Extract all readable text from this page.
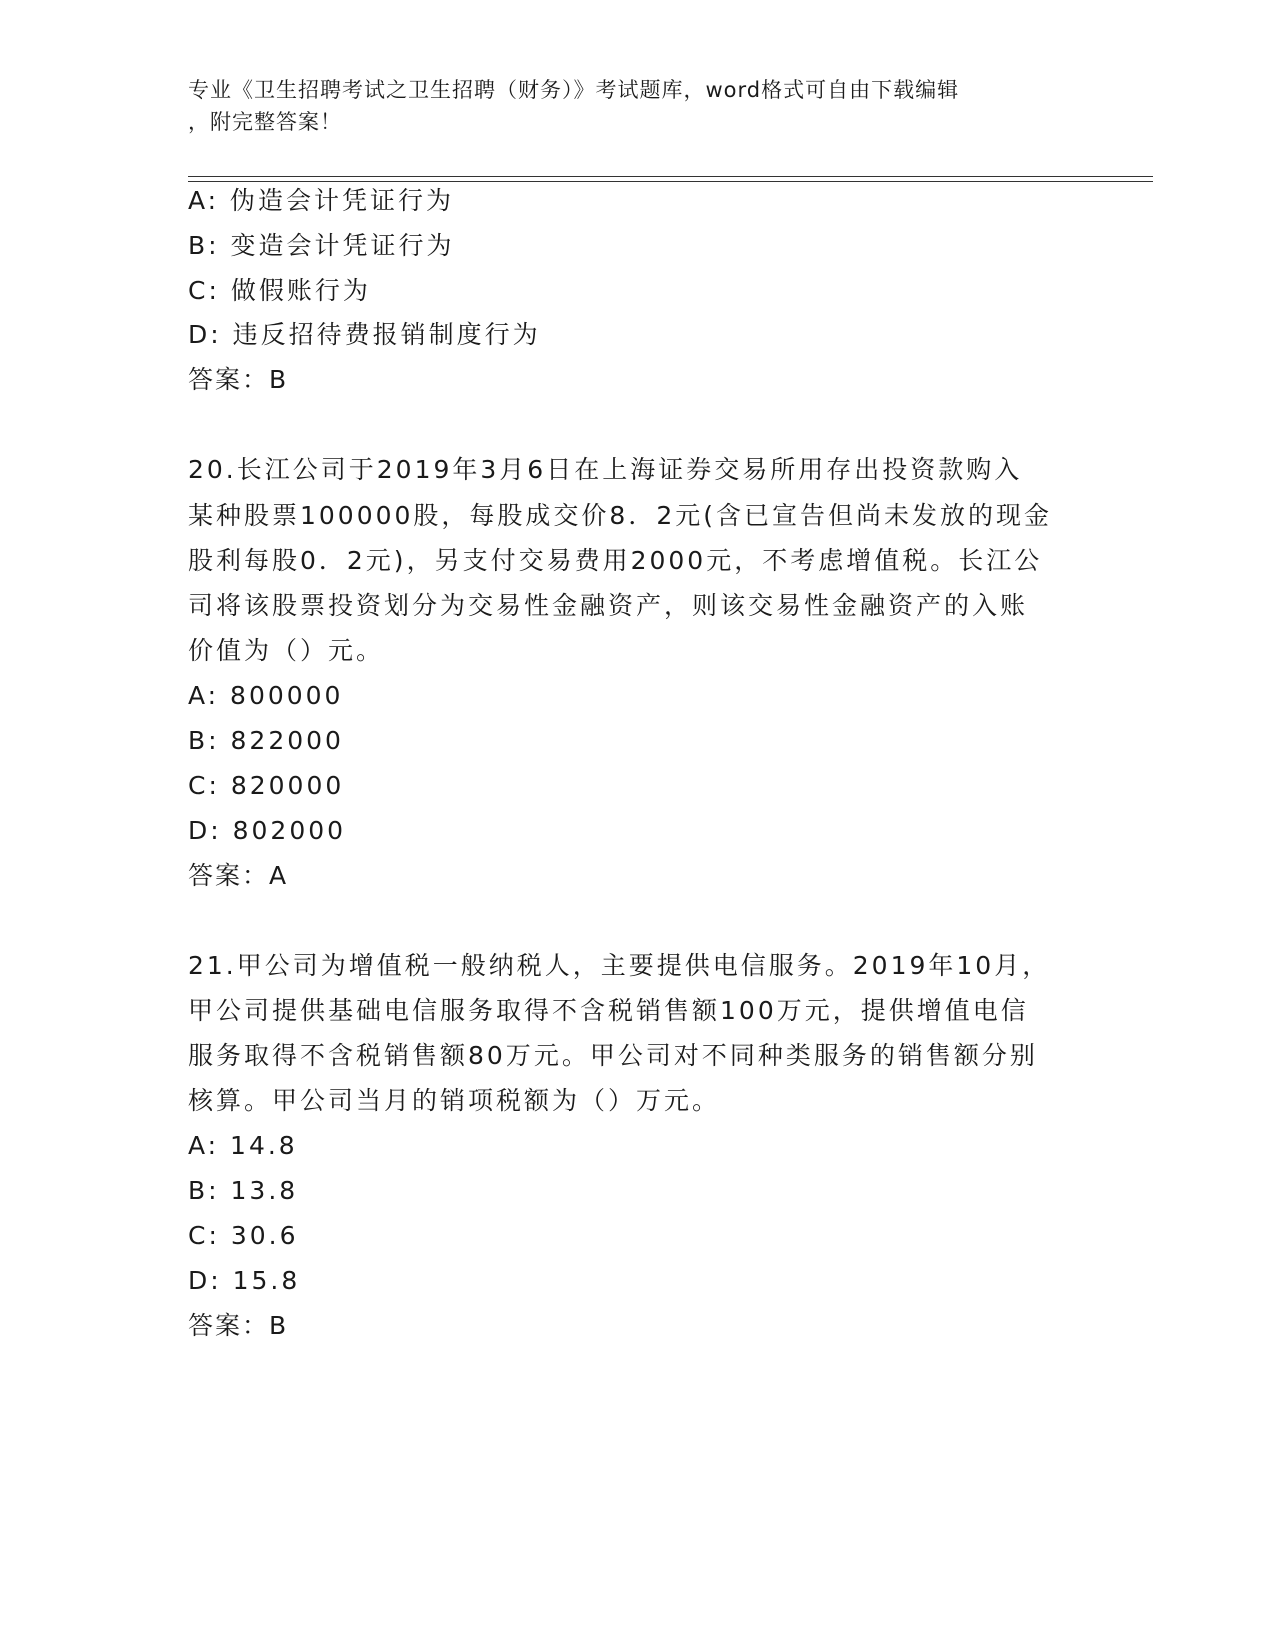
专业《卫生招聘考试之卫生招聘（财务）》考试题库，word格式可自由下载编辑
，附完整答案！
A: 伪造会计凭证行为
B: 变造会计凭证行为
C: 做假账行为
D: 违反招待费报销制度行为
答案：B
20.长江公司于2019年3月6日在上海证券交易所用存出投资款购入
某种股票100000股，每股成交价8．2元(含已宣告但尚未发放的现金
股利每股0．2元)，另支付交易费用2000元，不考虑增值税。长江公
司将该股票投资划分为交易性金融资产，则该交易性金融资产的入账
价值为（）元。
A: 800000
B: 822000
C: 820000
D: 802000
答案：A
21.甲公司为增值税一般纳税人，主要提供电信服务。2019年10月，
甲公司提供基础电信服务取得不含税销售额100万元，提供增值电信
服务取得不含税销售额80万元。甲公司对不同种类服务的销售额分别
核算。甲公司当月的销项税额为（）万元。
A: 14.8
B: 13.8
C: 30.6
D: 15.8
答案：B
